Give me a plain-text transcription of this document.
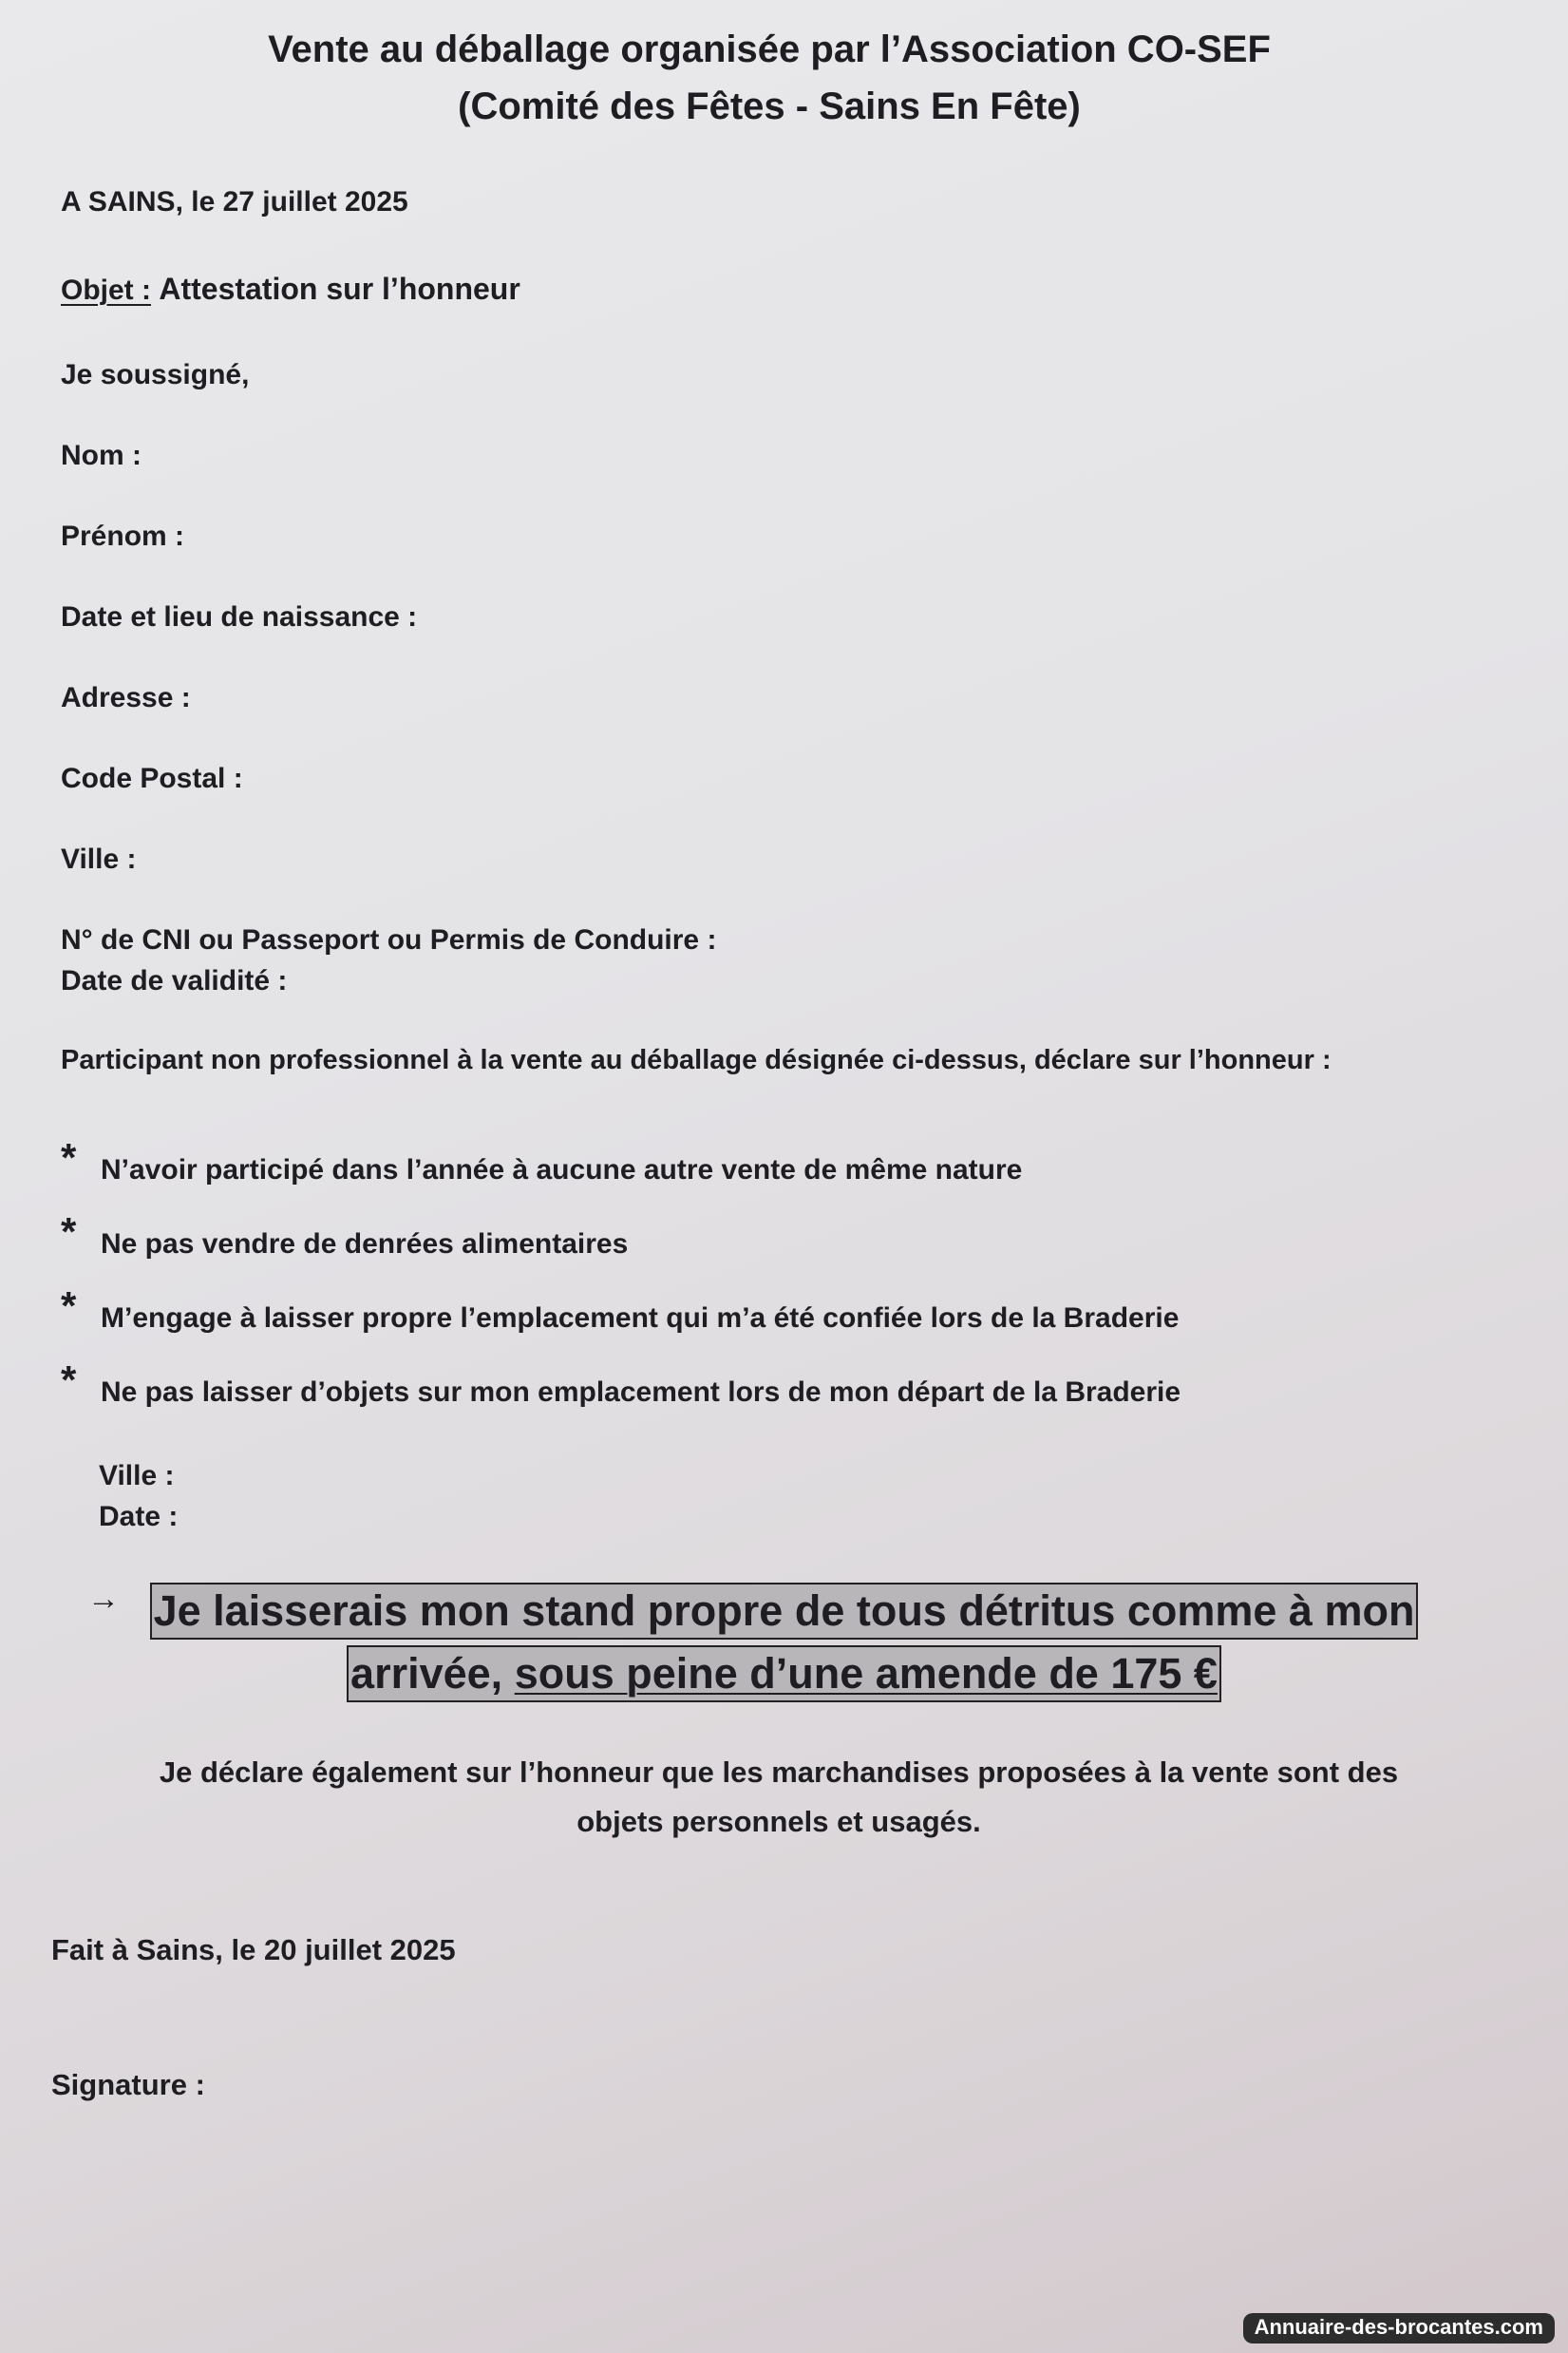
Vente au déballage organisée par l’Association CO-SEF
(Comité des Fêtes - Sains En Fête)
A SAINS, le 27 juillet 2025
Objet : Attestation sur l’honneur
Je soussigné,
Nom :
Prénom :
Date et lieu de naissance :
Adresse :
Code Postal :
Ville :
N° de CNI ou Passeport ou Permis de Conduire :
Date de validité :
Participant non professionnel à la vente au déballage désignée ci-dessus, déclare sur l’honneur :
* N’avoir participé dans l’année à aucune autre vente de même nature
* Ne pas vendre de denrées alimentaires
* M’engage à laisser propre l’emplacement qui m’a été confiée lors de la Braderie
* Ne pas laisser d’objets sur mon emplacement lors de mon départ de la Braderie
Ville :
Date :
→ Je laisserais mon stand propre de tous détritus comme à mon
arrivée, sous peine d’une amende de 175 €
Je déclare également sur l’honneur que les marchandises proposées à la vente sont des
objets personnels et usagés.
Fait à Sains, le 20 juillet 2025
Signature :
Annuaire-des-brocantes.com
